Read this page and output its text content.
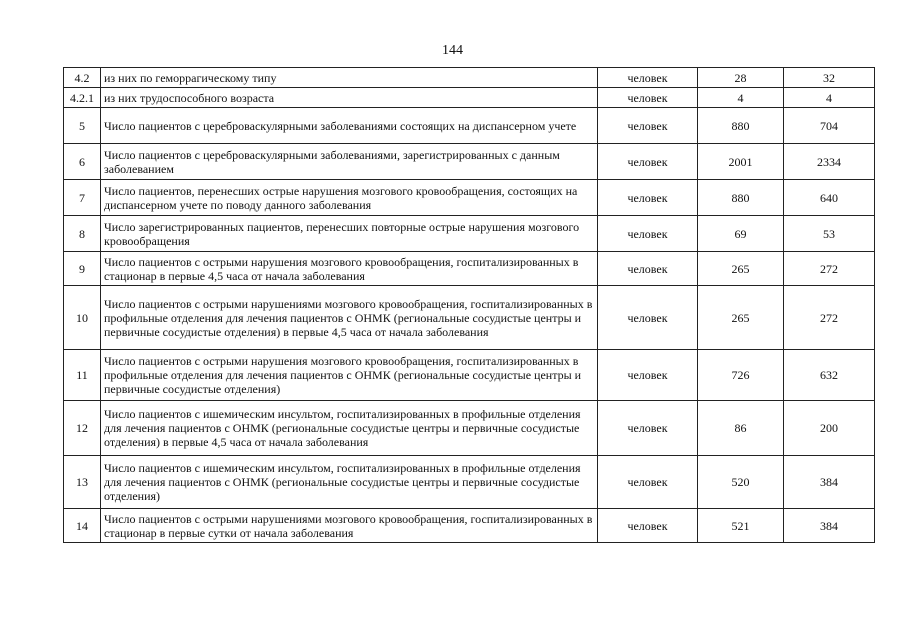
144
4.2	из них по геморрагическому типу	человек	28	32
4.2.1	из них трудоспособного возраста	человек	4	4
5	Число пациентов с цереброваскулярными заболеваниями состоящих на диспансерном учете	человек	880	704
6	Число пациентов с цереброваскулярными заболеваниями, зарегистрированных с данным заболеванием	человек	2001	2334
7	Число пациентов, перенесших острые нарушения мозгового кровообращения, состоящих на диспансерном учете по поводу данного заболевания	человек	880	640
8	Число зарегистрированных пациентов, перенесших повторные острые нарушения мозгового кровообращения	человек	69	53
9	Число пациентов с острыми нарушения мозгового кровообращения, госпитализированных в стационар в первые 4,5 часа от начала заболевания	человек	265	272
10	Число пациентов с острыми нарушениями мозгового кровообращения, госпитализированных в профильные отделения для лечения пациентов с ОНМК (региональные сосудистые центры и первичные сосудистые отделения) в первые 4,5 часа от начала заболевания	человек	265	272
11	Число пациентов с острыми нарушения мозгового кровообращения, госпитализированных в профильные отделения для лечения пациентов с ОНМК (региональные сосудистые центры и первичные сосудистые отделения)	человек	726	632
12	Число пациентов с ишемическим инсультом, госпитализированных в профильные отделения для лечения пациентов с ОНМК (региональные сосудистые центры и первичные сосудистые отделения) в первые 4,5 часа от начала заболевания	человек	86	200
13	Число пациентов с ишемическим инсультом, госпитализированных в профильные отделения для лечения пациентов с ОНМК (региональные сосудистые центры и первичные сосудистые отделения)	человек	520	384
14	Число пациентов с острыми нарушениями мозгового кровообращения, госпитализированных в стационар в первые сутки от начала заболевания	человек	521	384
